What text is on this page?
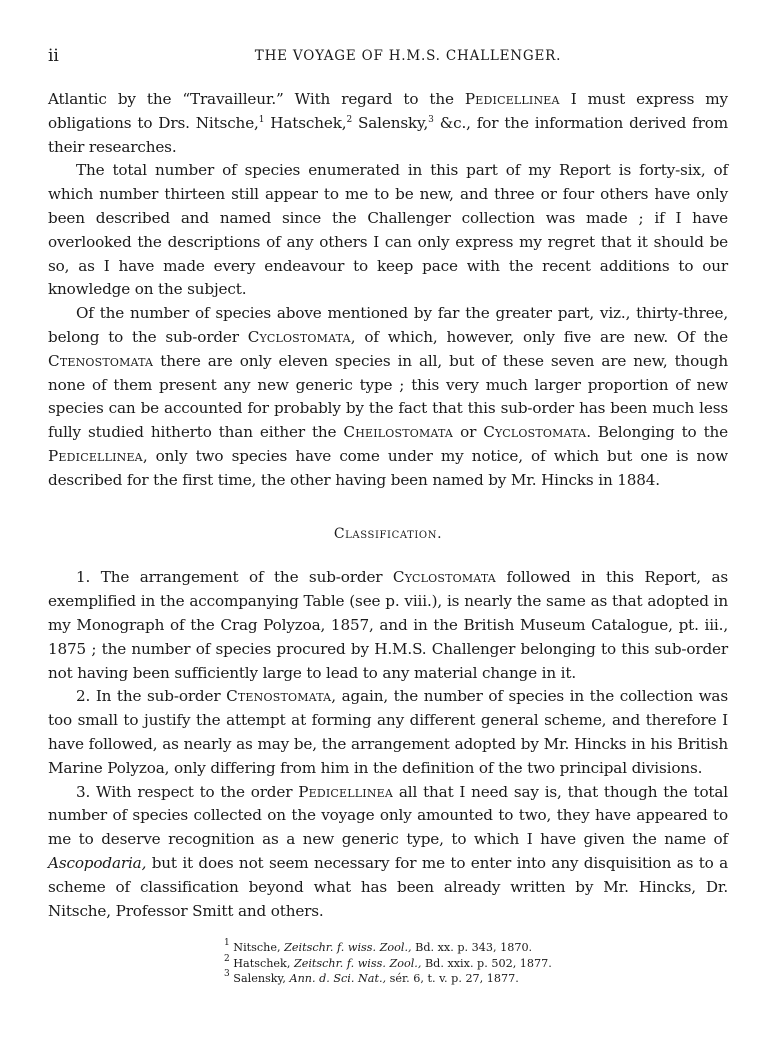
ii	THE VOYAGE OF H.M.S. CHALLENGER.

Atlantic by the “Travailleur.” With regard to the Pedicellinea I must express my obligations to Drs. Nitsche,$^1$ Hatschek,$^2$ Salensky,$^3$ &c., for the information derived from their researches.

The total number of species enumerated in this part of my Report is forty-six, of which number thirteen still appear to me to be new, and three or four others have only been described and named since the Challenger collection was made ; if I have overlooked the descriptions of any others I can only express my regret that it should be so, as I have made every endeavour to keep pace with the recent additions to our knowledge on the subject.

Of the number of species above mentioned by far the greater part, viz., thirty-three, belong to the sub-order Cyclostomata, of which, however, only five are new. Of the Ctenostomata there are only eleven species in all, but of these seven are new, though none of them present any new generic type ; this very much larger proportion of new species can be accounted for probably by the fact that this sub-order has been much less fully studied hitherto than either the Cheilostomata or Cyclostomata. Belonging to the Pedicellinea, only two species have come under my notice, of which but one is now described for the first time, the other having been named by Mr. Hincks in 1884.

Classification.

1. The arrangement of the sub-order Cyclostomata followed in this Report, as exemplified in the accompanying Table (see p. viii.), is nearly the same as that adopted in my Monograph of the Crag Polyzoa, 1857, and in the British Museum Catalogue, pt. iii., 1875 ; the number of species procured by H.M.S. Challenger belonging to this sub-order not having been sufficiently large to lead to any material change in it.

2. In the sub-order Ctenostomata, again, the number of species in the collection was too small to justify the attempt at forming any different general scheme, and therefore I have followed, as nearly as may be, the arrangement adopted by Mr. Hincks in his British Marine Polyzoa, only differing from him in the definition of the two principal divisions.

3. With respect to the order Pedicellinea all that I need say is, that though the total number of species collected on the voyage only amounted to two, they have appeared to me to deserve recognition as a new generic type, to which I have given the name of Ascopodaria, but it does not seem necessary for me to enter into any disquisition as to a scheme of classification beyond what has been already written by Mr. Hincks, Dr. Nitsche, Professor Smitt and others.

$^1$ Nitsche, Zeitschr. f. wiss. Zool., Bd. xx. p. 343, 1870.
$^2$ Hatschek, Zeitschr. f. wiss. Zool., Bd. xxix. p. 502, 1877.
$^3$ Salensky, Ann. d. Sci. Nat., sér. 6, t. v. p. 27, 1877.
